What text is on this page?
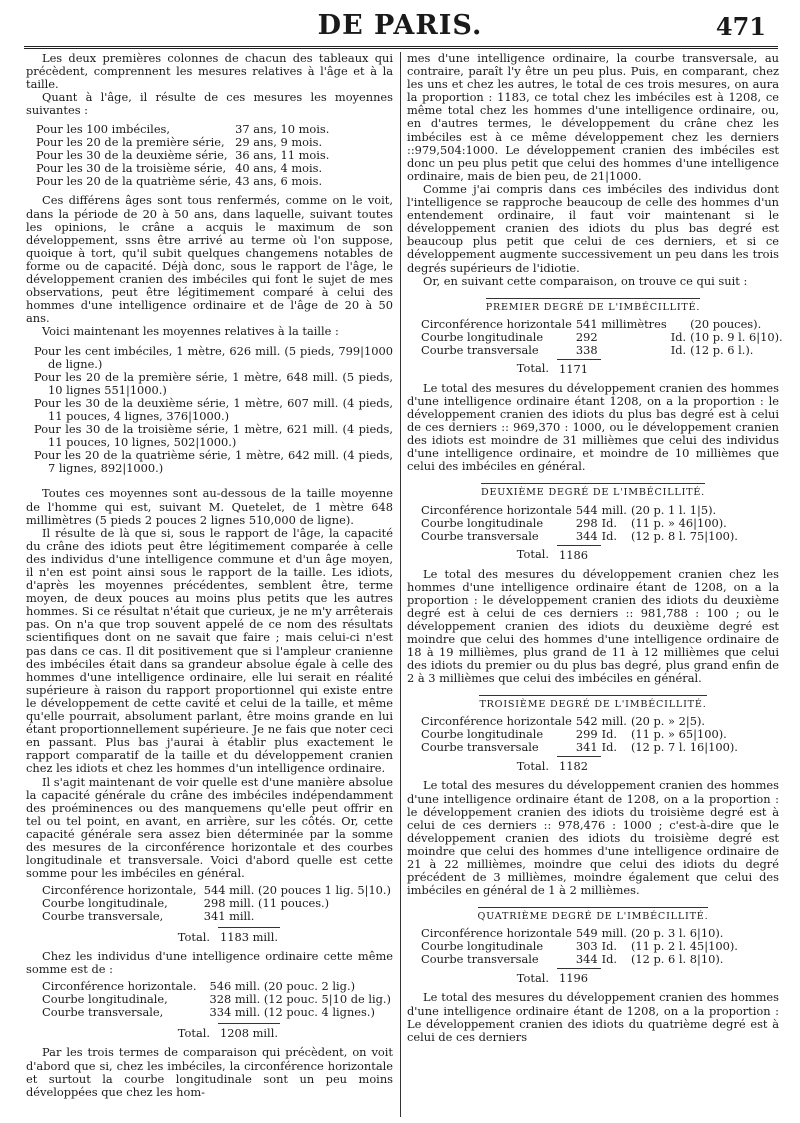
DE PARIS.	471

Les deux premières colonnes de chacun des tableaux qui précèdent, comprennent les mesures relatives à l'âge et à la taille.

Quant à l'âge, il résulte de ces mesures les moyennes suivantes :

Pour les 100 imbéciles,	37 ans, 10 mois.
Pour les 20 de la première série,	29 ans, 9 mois.
Pour les 30 de la deuxième série,	36 ans, 11 mois.
Pour les 30 de la troisième série,	40 ans, 4 mois.
Pour les 20 de la quatrième série,	43 ans, 6 mois.

Ces différens âges sont tous renfermés, comme on le voit, dans la période de 20 à 50 ans, dans laquelle, suivant toutes les opinions, le crâne a acquis le maximum de son développement, ssns être arrivé au terme où l'on suppose, quoique à tort, qu'il subit quelques changemens notables de forme ou de capacité. Déjà donc, sous le rapport de l'âge, le développement cranien des imbéciles qui font le sujet de mes observations, peut être légitimement comparé à celui des hommes d'une intelligence ordinaire et de l'âge de 20 à 50 ans.

Voici maintenant les moyennes relatives à la taille :

Pour les cent imbéciles, 1 mètre, 626 mill. (5 pieds, 799|1000 de ligne.)

Pour les 20 de la première série, 1 mètre, 648 mill. (5 pieds, 10 lignes 551|1000.)

Pour les 30 de la deuxième série, 1 mètre, 607 mill. (4 pieds, 11 pouces, 4 lignes, 376|1000.)

Pour les 30 de la troisième série, 1 mètre, 621 mill. (4 pieds, 11 pouces, 10 lignes, 502|1000.)

Pour les 20 de la quatrième série, 1 mètre, 642 mill. (4 pieds, 7 lignes, 892|1000.)

Toutes ces moyennes sont au-dessous de la taille moyenne de l'homme qui est, suivant M. Quetelet, de 1 mètre 648 millimètres (5 pieds 2 pouces 2 lignes 510,000 de ligne).

Il résulte de là que si, sous le rapport de l'âge, la capacité du crâne des idiots peut être légitimement comparée à celle des individus d'une intelligence commune et d'un âge moyen, il n'en est point ainsi sous le rapport de la taille. Les idiots, d'après les moyennes précédentes, semblent être, terme moyen, de deux pouces au moins plus petits que les autres hommes. Si ce résultat n'était que curieux, je ne m'y arrêterais pas. On n'a que trop souvent appelé de ce nom des résultats scientifiques dont on ne savait que faire ; mais celui-ci n'est pas dans ce cas. Il dit positivement que si l'ampleur cranienne des imbéciles était dans sa grandeur absolue égale à celle des hommes d'une intelligence ordinaire, elle lui serait en réalité supérieure à raison du rapport proportionnel qui existe entre le développement de cette cavité et celui de la taille, et même qu'elle pourrait, absolument parlant, être moins grande en lui étant proportionnellement supérieure. Je ne fais que noter ceci en passant. Plus bas j'aurai à établir plus exactement le rapport comparatif de la taille et du développement cranien chez les idiots et chez les hommes d'un intelligence ordinaire.

Il s'agit maintenant de voir quelle est d'une manière absolue la capacité générale du crâne des imbéciles indépendamment des proéminences ou des manquemens qu'elle peut offrir en tel ou tel point, en avant, en arrière, sur les côtés. Or, cette capacité générale sera assez bien déterminée par la somme des mesures de la circonférence horizontale et des courbes longitudinale et transversale. Voici d'abord quelle est cette somme pour les imbéciles en général.

Circonférence horizontale,	544 mill. (20 pouces 1 lig. 5|10.)
Courbe longitudinale,	298 mill. (11 pouces.)
Courbe transversale,	341 mill.
Total.	1183 mill.

Chez les individus d'une intelligence ordinaire cette même somme est de :

Circonférence horizontale.	546 mill. (20 pouc. 2 lig.)
Courbe longitudinale,	328 mill. (12 pouc. 5|10 de lig.)
Courbe transversale,	334 mill. (12 pouc. 4 lignes.)
Total.	1208 mill.

Par les trois termes de comparaison qui précèdent, on voit d'abord que si, chez les imbéciles, la circonférence horizontale et surtout la courbe longitudinale sont un peu moins développées que chez les hom-

mes d'une intelligence ordinaire, la courbe transversale, au contraire, paraît l'y être un peu plus. Puis, en comparant, chez les uns et chez les autres, le total de ces trois mesures, on aura la proportion : 1183, ce total chez les imbéciles est à 1208, ce même total chez les hommes d'une intelligence ordinaire, ou, en d'autres termes, le développement du crâne chez les imbéciles est à ce même développement chez les derniers ::979,504:1000. Le développement cranien des imbéciles est donc un peu plus petit que celui des hommes d'une intelligence ordinaire, mais de bien peu, de 21|1000.

Comme j'ai compris dans ces imbéciles des individus dont l'intelligence se rapproche beaucoup de celle des hommes d'un entendement ordinaire, il faut voir maintenant si le développement cranien des idiots du plus bas degré est beaucoup plus petit que celui de ces derniers, et si ce développement augmente successivement un peu dans les trois degrés supérieurs de l'idiotie.

Or, en suivant cette comparaison, on trouve ce qui suit :

PREMIER DEGRÉ DE L'IMBÉCILLITÉ.
Circonférence horizontale	541 millimètres		(20 pouces).
Courbe longitudinale	292	Id.	(10 p. 9 l. 6|10).
Courbe transversale	338	Id.	(12 p. 6 l.).
Total.	1171

Le total des mesures du développement cranien des hommes d'une intelligence ordinaire étant 1208, on a la proportion : le développement cranien des idiots du plus bas degré est à celui de ces derniers :: 969,370 : 1000, ou le développement cranien des idiots est moindre de 31 millièmes que celui des individus d'une intelligence ordinaire, et moindre de 10 millièmes que celui des imbéciles en général.

DEUXIÈME DEGRÉ DE L'IMBÉCILLITÉ.
Circonférence horizontale	544	mill.	(20 p. 1 l. 1|5).
Courbe longitudinale	298	Id.	(11 p. » 46|100).
Courbe transversale	344	Id.	(12 p. 8 l. 75|100).
Total.	1186

Le total des mesures du développement cranien chez les hommes d'une intelligence ordinaire étant de 1208, on a la proportion : le développement cranien des idiots du deuxième degré est à celui de ces derniers :: 981,788 : 100 ; ou le développement cranien des idiots du deuxième degré est moindre que celui des hommes d'une intelligence ordinaire de 18 à 19 millièmes, plus grand de 11 à 12 millièmes que celui des idiots du premier ou du plus bas degré, plus grand enfin de 2 à 3 millièmes que celui des imbéciles en général.

TROISIÈME DEGRÉ DE L'IMBÉCILLITÉ.
Circonférence horizontale	542	mill.	(20 p. » 2|5).
Courbe longitudinale	299	Id.	(11 p. » 65|100).
Courbe transversale	341	Id.	(12 p. 7 l. 16|100).
Total.	1182

Le total des mesures du développement cranien des hommes d'une intelligence ordinaire étant de 1208, on a la proportion : le développement cranien des idiots du troisième degré est à celui de ces derniers :: 978,476 : 1000 ; c'est-à-dire que le développement cranien des idiots du troisième degré est moindre que celui des hommes d'une intelligence ordinaire de 21 à 22 millièmes, moindre que celui des idiots du degré précédent de 3 millièmes, moindre également que celui des imbéciles en général de 1 à 2 millièmes.

QUATRIÈME DEGRÉ DE L'IMBÉCILLITÉ.
Circonférence horizontale	549	mill.	(20 p. 3 l. 6|10).
Courbe longitudinale	303	Id.	(11 p. 2 l. 45|100).
Courbe transversale	344	Id.	(12 p. 6 l. 8|10).
Total.	1196

Le total des mesures du développement cranien des hommes d'une intelligence ordinaire étant de 1208, on a la proportion : Le développement cranien des idiots du quatrième degré est à celui de ces derniers
